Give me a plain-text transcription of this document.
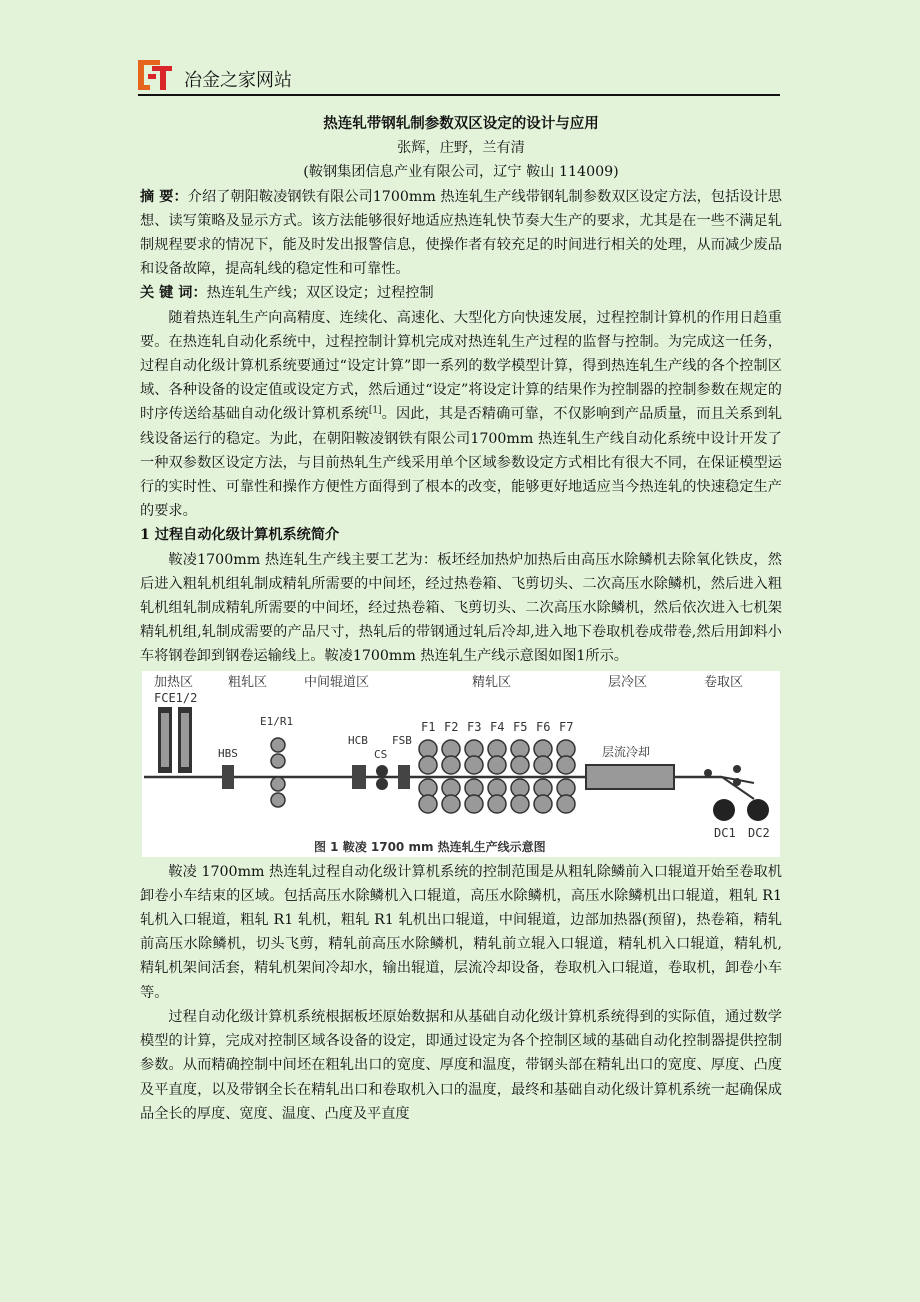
冶金之家网站
热连轧带钢轧制参数双区设定的设计与应用
张辉，庄野，兰有清
(鞍钢集团信息产业有限公司，辽宁 鞍山 114009)

摘 要：介绍了朝阳鞍凌钢铁有限公司1700mm 热连轧生产线带钢轧制参数双区设定方法，包括设计思想、读写策略及显示方式。该方法能够很好地适应热连轧快节奏大生产的要求，尤其是在一些不满足轧制规程要求的情况下，能及时发出报警信息，使操作者有较充足的时间进行相关的处理，从而减少废品和设备故障，提高轧线的稳定性和可靠性。

关 键 词：热连轧生产线；双区设定；过程控制

随着热连轧生产向高精度、连续化、高速化、大型化方向快速发展，过程控制计算机的作用日趋重要。在热连轧自动化系统中，过程控制计算机完成对热连轧生产过程的监督与控制。为完成这一任务，过程自动化级计算机系统要通过“设定计算”即一系列的数学模型计算，得到热连轧生产线的各个控制区域、各种设备的设定值或设定方式，然后通过“设定”将设定计算的结果作为控制器的控制参数在规定的时序传送给基础自动化级计算机系统[1]。因此，其是否精确可靠，不仅影响到产品质量，而且关系到轧线设备运行的稳定。为此，在朝阳鞍凌钢铁有限公司1700mm 热连轧生产线自动化系统中设计开发了一种双参数区设定方法，与目前热轧生产线采用单个区域参数设定方式相比有很大不同，在保证模型运行的实时性、可靠性和操作方便性方面得到了根本的改变，能够更好地适应当今热连轧的快速稳定生产的要求。

1 过程自动化级计算机系统简介

鞍凌1700mm 热连轧生产线主要工艺为：板坯经加热炉加热后由高压水除鳞机去除氧化铁皮，然后进入粗轧机组轧制成精轧所需要的中间坯，经过热卷箱、飞剪切头、二次高压水除鳞机，然后进入粗轧机组轧制成精轧所需要的中间坯，经过热卷箱、飞剪切头、二次高压水除鳞机，然后依次进入七机架精轧机组,轧制成需要的产品尺寸，热轧后的带钢通过轧后冷却,进入地下卷取机卷成带卷,然后用卸料小车将钢卷卸到钢卷运输线上。鞍凌1700mm 热连轧生产线示意图如图1所示。

加热区	粗轧区	中间辊道区	精轧区	层冷区	卷取区
FCE1/2
HBS
E1/R1
HCB
CS
FSB
F1 F2 F3 F4 F5 F6 F7
层流冷却
DC1 DC2
图 1 鞍凌 1700 mm 热连轧生产线示意图

鞍凌 1700mm 热连轧过程自动化级计算机系统的控制范围是从粗轧除鳞前入口辊道开始至卷取机卸卷小车结束的区域。包括高压水除鳞机入口辊道，高压水除鳞机，高压水除鳞机出口辊道，粗轧 R1 轧机入口辊道，粗轧 R1 轧机，粗轧 R1 轧机出口辊道，中间辊道，边部加热器(预留)，热卷箱，精轧前高压水除鳞机，切头飞剪，精轧前高压水除鳞机，精轧前立辊入口辊道，精轧机入口辊道，精轧机,精轧机架间活套，精轧机架间冷却水，输出辊道，层流冷却设备，卷取机入口辊道，卷取机，卸卷小车等。

过程自动化级计算机系统根据板坯原始数据和从基础自动化级计算机系统得到的实际值，通过数学模型的计算，完成对控制区域各设备的设定，即通过设定为各个控制区域的基础自动化控制器提供控制参数。从而精确控制中间坯在粗轧出口的宽度、厚度和温度，带钢头部在精轧出口的宽度、厚度、凸度及平直度，以及带钢全长在精轧出口和卷取机入口的温度，最终和基础自动化级计算机系统一起确保成品全长的厚度、宽度、温度、凸度及平直度
